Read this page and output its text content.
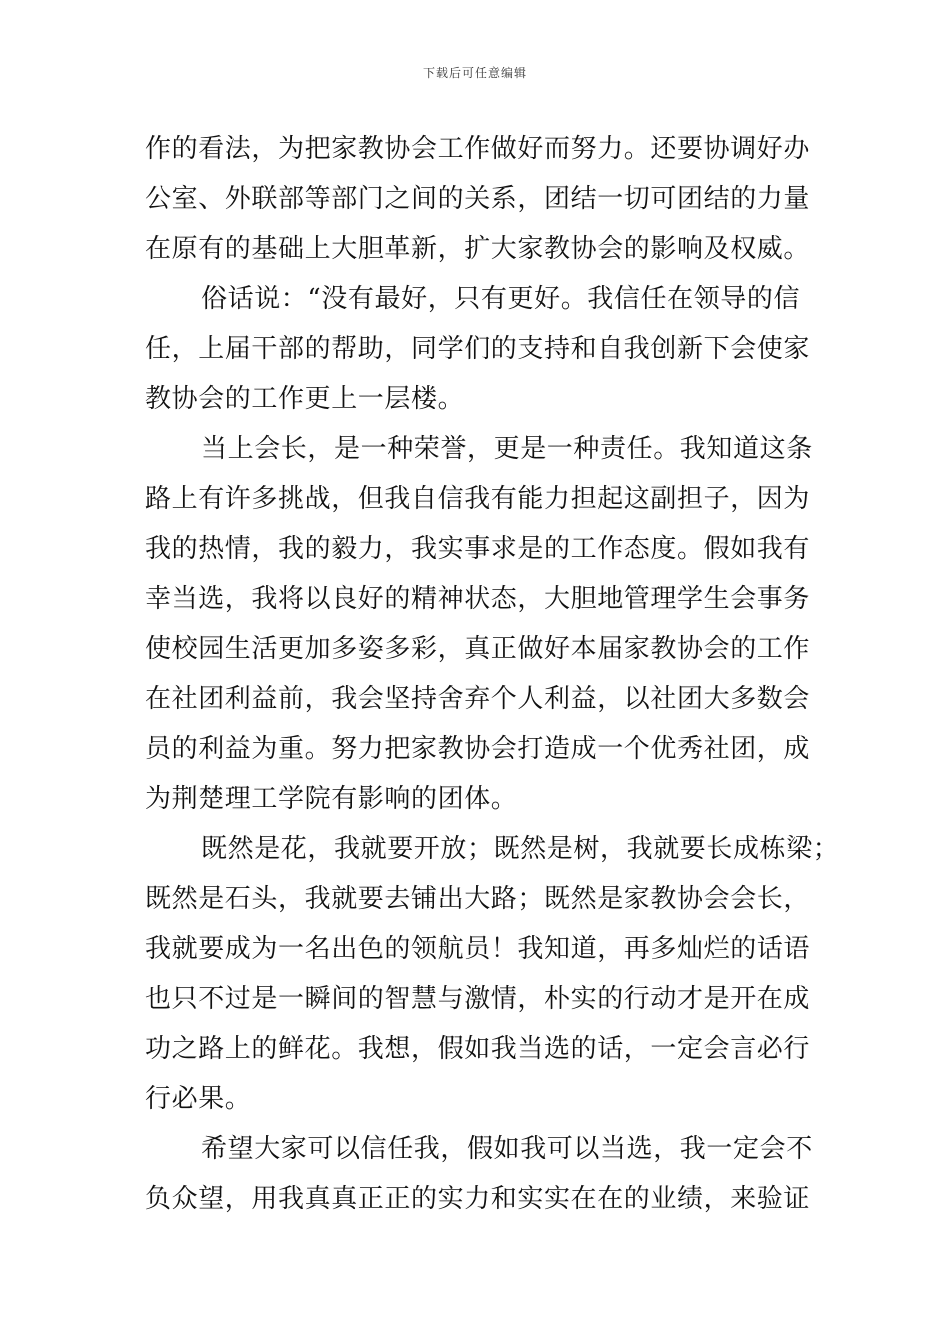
下载后可任意编辑
作的看法，为把家教协会工作做好而努力。还要协调好办
公室、外联部等部门之间的关系，团结一切可团结的力量
在原有的基础上大胆革新，扩大家教协会的影响及权威。
俗话说：“没有最好，只有更好。我信任在领导的信
任，上届干部的帮助，同学们的支持和自我创新下会使家
教协会的工作更上一层楼。
当上会长，是一种荣誉，更是一种责任。我知道这条
路上有许多挑战，但我自信我有能力担起这副担子，因为
我的热情，我的毅力，我实事求是的工作态度。假如我有
幸当选，我将以良好的精神状态，大胆地管理学生会事务
使校园生活更加多姿多彩，真正做好本届家教协会的工作
在社团利益前，我会坚持舍弃个人利益，以社团大多数会
员的利益为重。努力把家教协会打造成一个优秀社团，成
为荆楚理工学院有影响的团体。
既然是花，我就要开放；既然是树，我就要长成栋梁；
既然是石头，我就要去铺出大路；既然是家教协会会长，
我就要成为一名出色的领航员！我知道，再多灿烂的话语
也只不过是一瞬间的智慧与激情，朴实的行动才是开在成
功之路上的鲜花。我想，假如我当选的话，一定会言必行
行必果。
希望大家可以信任我，假如我可以当选，我一定会不
负众望，用我真真正正的实力和实实在在的业绩，来验证
